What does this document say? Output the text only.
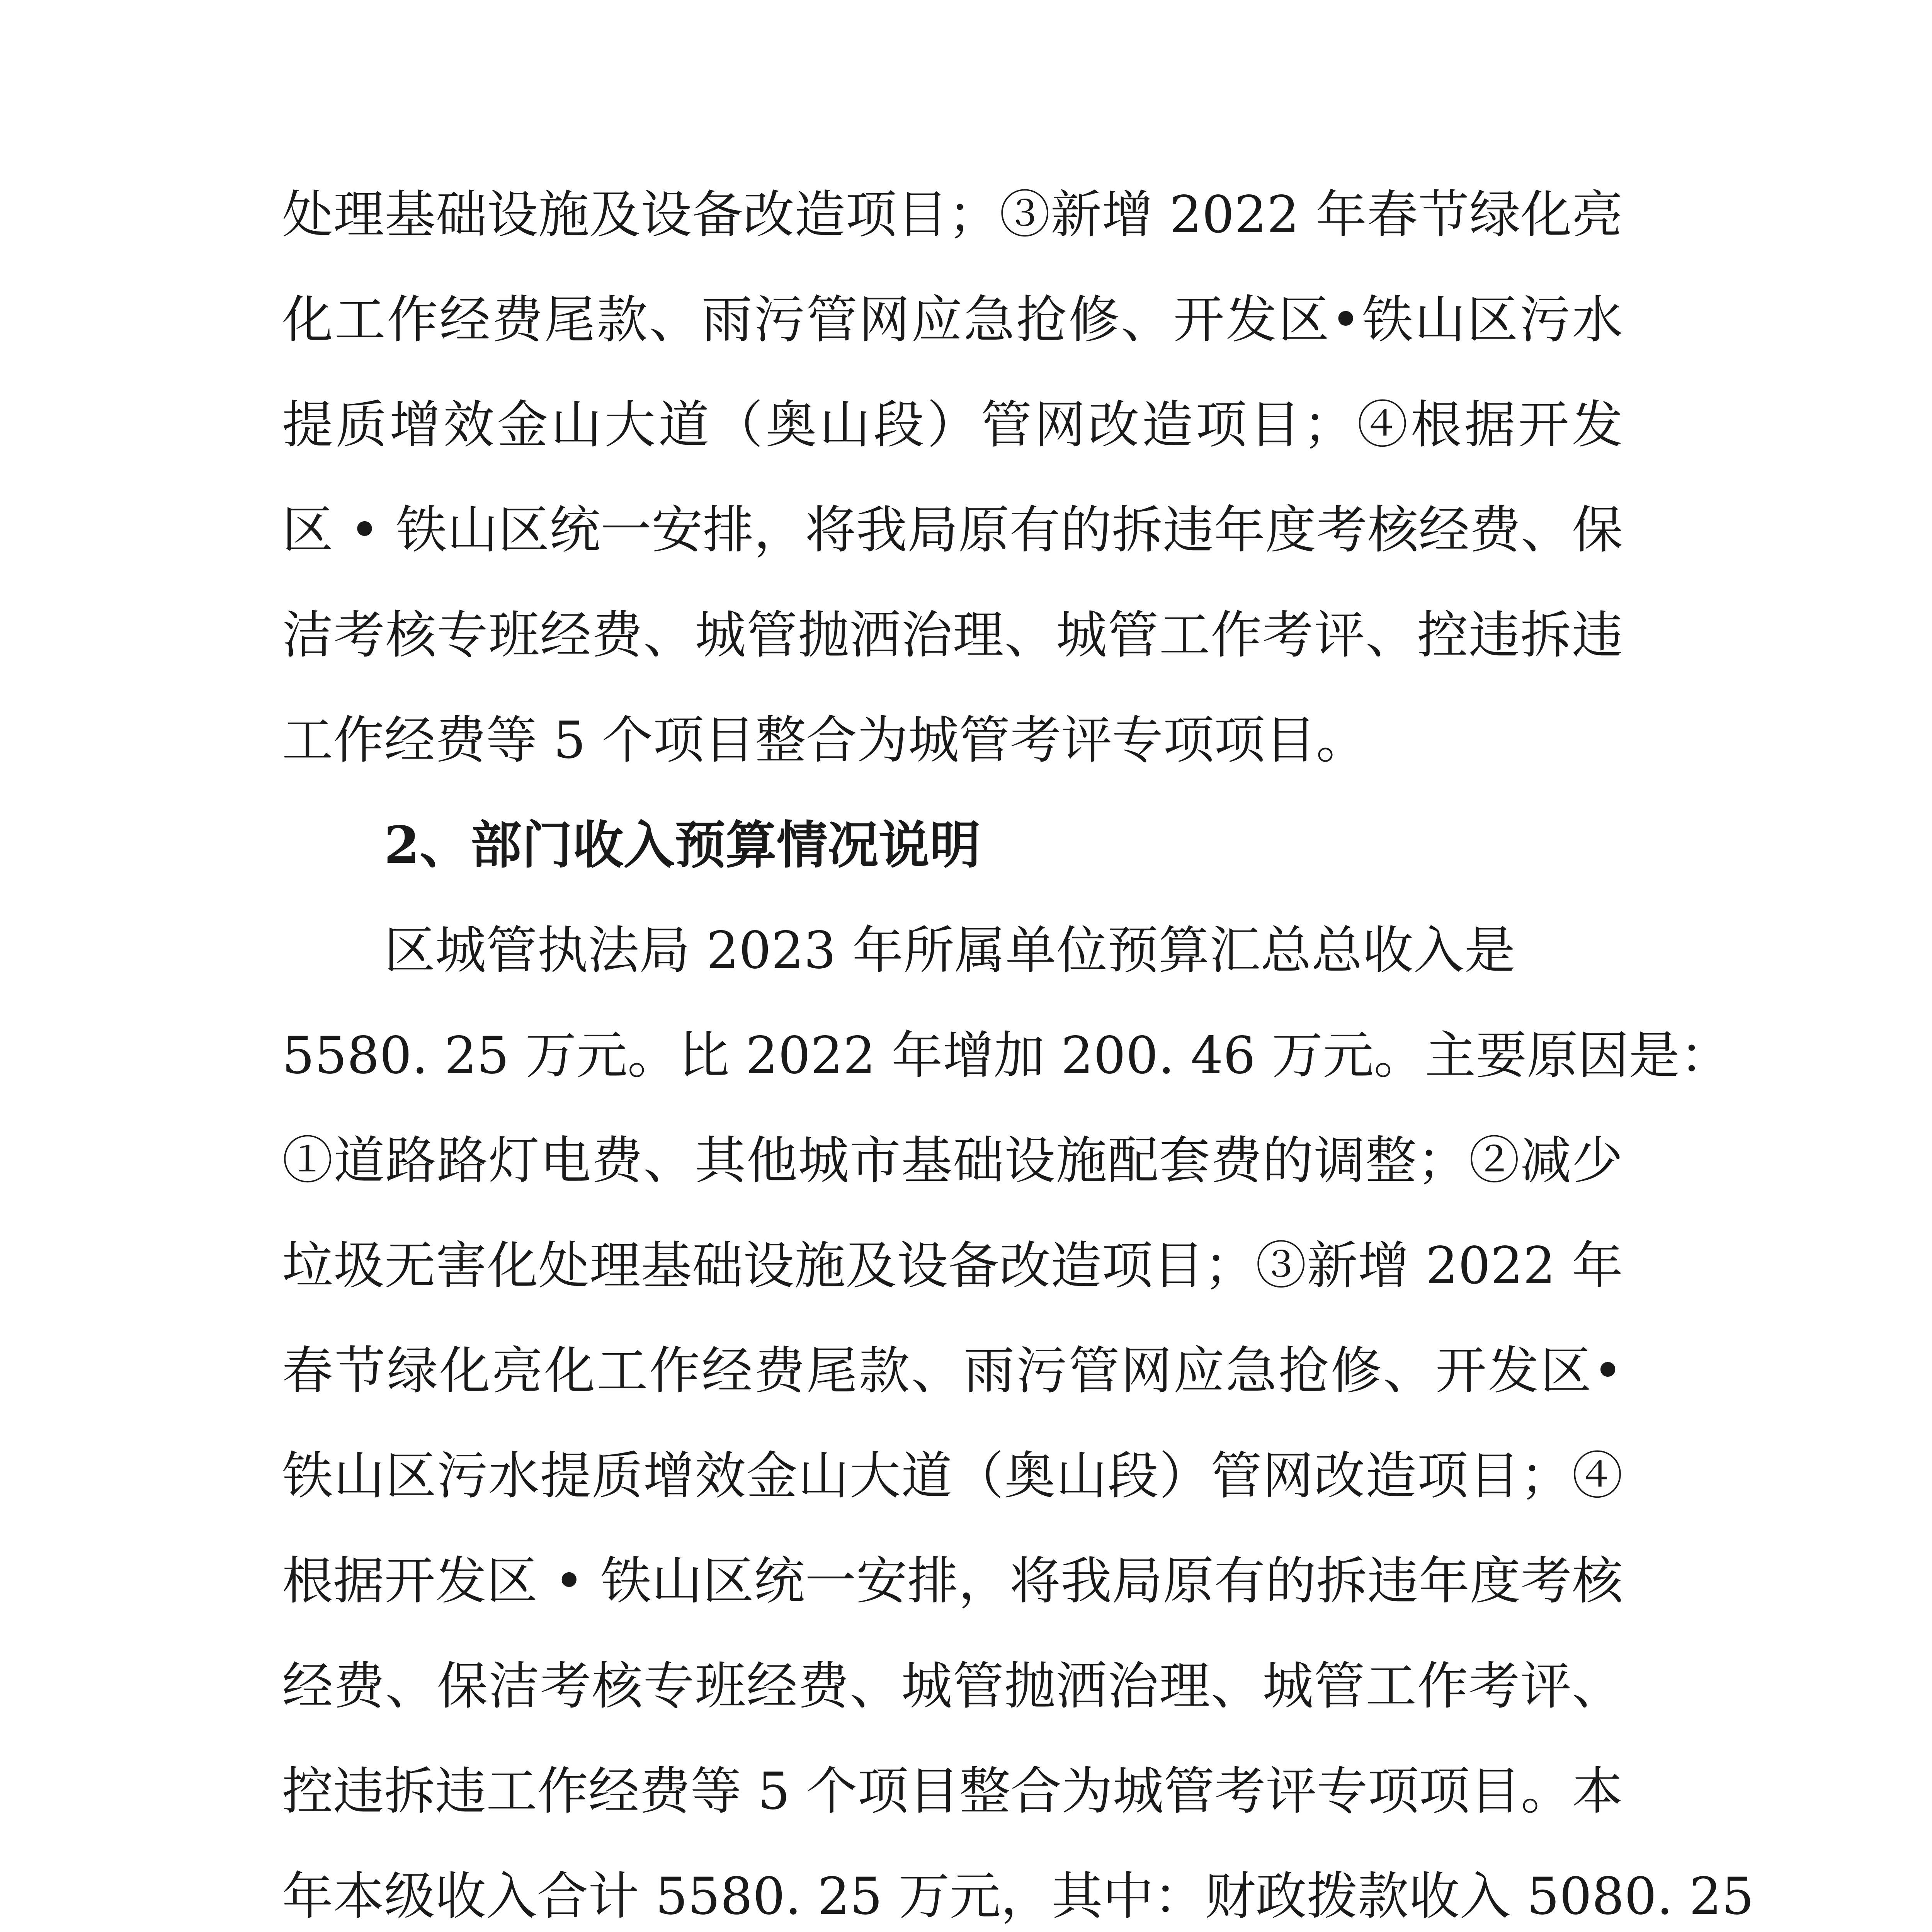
处理基础设施及设备改造项目；③新增 2022 年春节绿化亮
化工作经费尾款、雨污管网应急抢修、开发区•铁山区污水
提质增效金山大道（奥山段）管网改造项目；④根据开发
区 • 铁山区统一安排，将我局原有的拆违年度考核经费、保
洁考核专班经费、城管抛洒治理、城管工作考评、控违拆违
工作经费等 5 个项目整合为城管考评专项项目。
2、部门收入预算情况说明
区城管执法局 2023 年所属单位预算汇总总收入是
5580. 25 万元。比 2022 年增加 200. 46 万元。主要原因是：
①道路路灯电费、其他城市基础设施配套费的调整；②减少
垃圾无害化处理基础设施及设备改造项目；③新增 2022 年
春节绿化亮化工作经费尾款、雨污管网应急抢修、开发区•
铁山区污水提质增效金山大道（奥山段）管网改造项目；④
根据开发区 • 铁山区统一安排，将我局原有的拆违年度考核
经费、保洁考核专班经费、城管抛洒治理、城管工作考评、
控违拆违工作经费等 5 个项目整合为城管考评专项项目。本
年本级收入合计 5580. 25 万元，其中：财政拨款收入 5080. 25
